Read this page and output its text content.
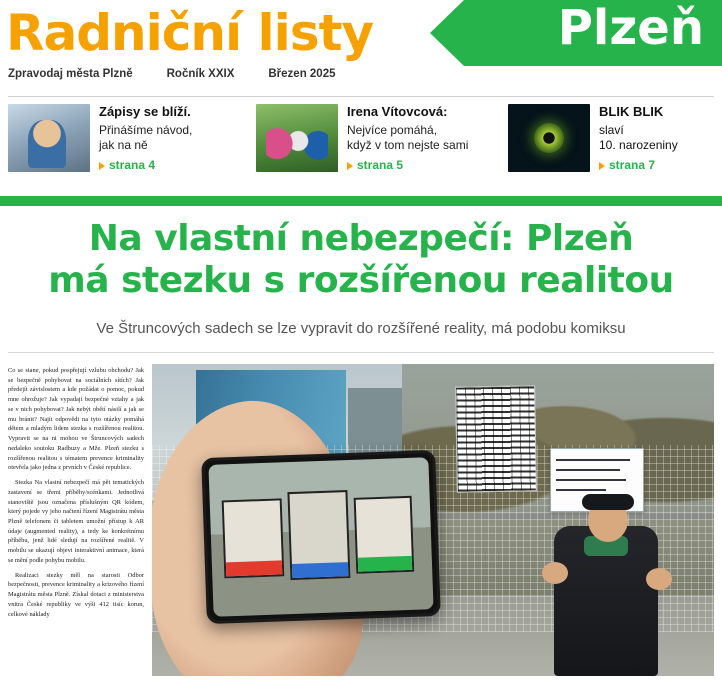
Radniční listy	Plzeň
Zpravodaj města Plzně	Ročník XXIX	Březen 2025
Zápisy se blíží.
Přinášíme návod,
jak na ně
strana 4
Irena Vítovcová:
Nejvíce pomáhá,
když v tom nejste sami
strana 5
BLIK BLIK
slaví
10. narozeniny
strana 7
Na vlastní nebezpečí: Plzeň
má stezku s rozšířenou realitou
Ve Štruncových sadech se lze vypravit do rozšířené reality, má podobu komiksu

Co se stane, pokud pospřejují vzlubu obchodu? Jak se bezpečně pohybovat na sociálních sítích? Jak předejít závislostem a kde požádat o pomoc, pokud mne ohrožuje? Jak vypadají bezpečné vztahy a jak se v nich pohybovat? Jak nebýt obětí násilí a jak se mu bránit? Najít odpovědi na tyto otázky pomáhá dětem a mladým lidem stezka s rozšířenou realitou. Vypravit se na ni mohou ve Štruncových sadech nedaleko soutoku Radbuzy a Mže. Plzeň stezku s rozšířenou realitou s tématem prevence kriminality otevřela jako jedna z prvních v České republice.

Stezka Na vlastní nebezpečí má pět tematických zastavení se třemi příběhy/scénkami. Jednotlivá stanoviště jsou označena příslušným QR kódem, který pojede vy jeho načtení řízení Magistrátu města Plzně telefonem či tabletem umožní přístup k AR údaje (augmented reality), a tedy ke konkrétnímu příběhu, jenž lidé sledují na rozšířené realitě. V mobilu se ukazují objevi interaktivní animace, která se mění podle pohybu mobilu.

Realizaci stezky měl na starosti Odbor bezpečnosti, prevence kriminality a krizového řízení Magistrátu města Plzně. Získal dotaci z ministerstva vnitra České republiky ve výši 412 tisíc korun, celkové náklady
